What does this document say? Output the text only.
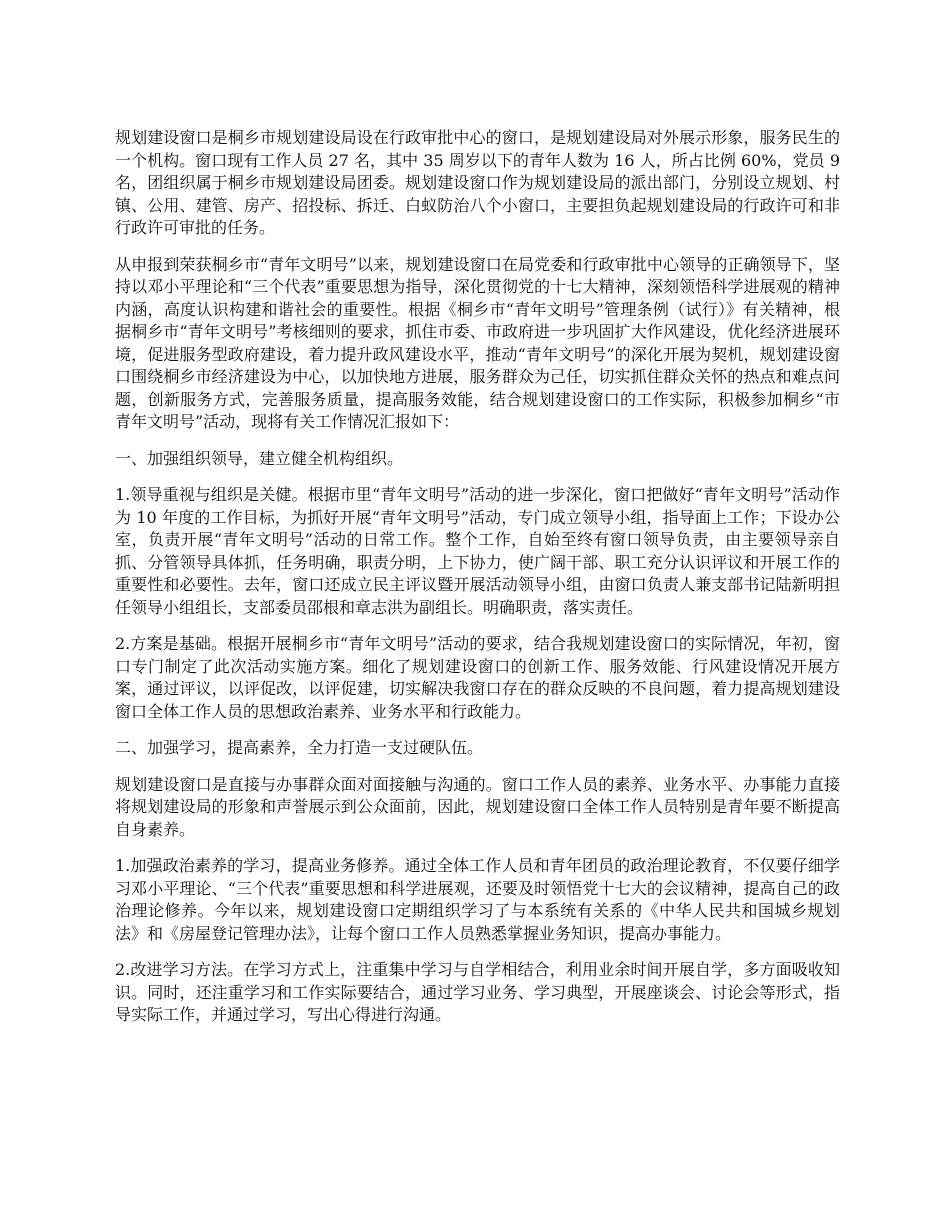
规划建设窗口是桐乡市规划建设局设在行政审批中心的窗口，是规划建设局对外展示形象，服务民生的一个机构。窗口现有工作人员 27 名，其中 35 周岁以下的青年人数为 16 人，所占比例 60%，党员 9 名，团组织属于桐乡市规划建设局团委。规划建设窗口作为规划建设局的派出部门，分别设立规划、村镇、公用、建管、房产、招投标、拆迁、白蚁防治八个小窗口，主要担负起规划建设局的行政许可和非行政许可审批的任务。

从申报到荣获桐乡市“青年文明号”以来，规划建设窗口在局党委和行政审批中心领导的正确领导下，坚持以邓小平理论和“三个代表”重要思想为指导，深化贯彻党的十七大精神，深刻领悟科学进展观的精神内涵，高度认识构建和谐社会的重要性。根据《桐乡市“青年文明号”管理条例（试行）》有关精神，根据桐乡市“青年文明号”考核细则的要求，抓住市委、市政府进一步巩固扩大作风建设，优化经济进展环境，促进服务型政府建设，着力提升政风建设水平，推动“青年文明号”的深化开展为契机，规划建设窗口围绕桐乡市经济建设为中心，以加快地方进展，服务群众为己任，切实抓住群众关怀的热点和难点问题，创新服务方式，完善服务质量，提高服务效能，结合规划建设窗口的工作实际，积极参加桐乡“市青年文明号”活动，现将有关工作情况汇报如下：

一、加强组织领导，建立健全机构组织。

1.领导重视与组织是关健。根据市里“青年文明号”活动的进一步深化，窗口把做好“青年文明号”活动作为 10 年度的工作目标，为抓好开展“青年文明号”活动，专门成立领导小组，指导面上工作；下设办公室，负责开展“青年文明号”活动的日常工作。整个工作，自始至终有窗口领导负责，由主要领导亲自抓、分管领导具体抓，任务明确，职责分明，上下协力，使广阔干部、职工充分认识评议和开展工作的重要性和必要性。去年，窗口还成立民主评议暨开展活动领导小组，由窗口负责人兼支部书记陆新明担任领导小组组长，支部委员邵根和章志洪为副组长。明确职责，落实责任。

2.方案是基础。根据开展桐乡市“青年文明号”活动的要求，结合我规划建设窗口的实际情况，年初，窗口专门制定了此次活动实施方案。细化了规划建设窗口的创新工作、服务效能、行风建设情况开展方案，通过评议，以评促改，以评促建，切实解决我窗口存在的群众反映的不良问题，着力提高规划建设窗口全体工作人员的思想政治素养、业务水平和行政能力。

二、加强学习，提高素养，全力打造一支过硬队伍。

规划建设窗口是直接与办事群众面对面接触与沟通的。窗口工作人员的素养、业务水平、办事能力直接将规划建设局的形象和声誉展示到公众面前，因此，规划建设窗口全体工作人员特别是青年要不断提高自身素养。

1.加强政治素养的学习，提高业务修养。通过全体工作人员和青年团员的政治理论教育，不仅要仔细学习邓小平理论、“三个代表”重要思想和科学进展观，还要及时领悟党十七大的会议精神，提高自己的政治理论修养。今年以来，规划建设窗口定期组织学习了与本系统有关系的《中华人民共和国城乡规划法》和《房屋登记管理办法》，让每个窗口工作人员熟悉掌握业务知识，提高办事能力。

2.改进学习方法。在学习方式上，注重集中学习与自学相结合，利用业余时间开展自学，多方面吸收知识。同时，还注重学习和工作实际要结合，通过学习业务、学习典型，开展座谈会、讨论会等形式，指导实际工作，并通过学习，写出心得进行沟通。
